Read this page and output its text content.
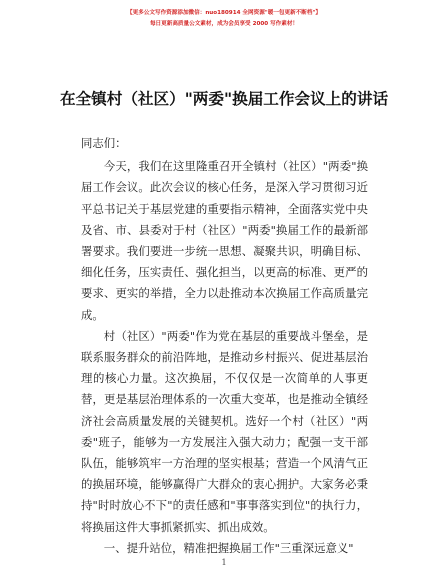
【更多公文写作资源添加微信：nuo180914 全网资源"暖一包更新不断档"】
每日更新高质量公文素材，成为会员享受 2000 写作素材！
在全镇村（社区）"两委"换届工作会议上的讲话

同志们：

今天，我们在这里隆重召开全镇村（社区）"两委"换届工作会议。此次会议的核心任务，是深入学习贯彻习近平总书记关于基层党建的重要指示精神，全面落实党中央及省、市、县委对于村（社区）"两委"换届工作的最新部署要求。我们要进一步统一思想、凝聚共识，明确目标、细化任务，压实责任、强化担当，以更高的标准、更严的要求、更实的举措，全力以赴推动本次换届工作高质量完成。

村（社区）"两委"作为党在基层的重要战斗堡垒，是联系服务群众的前沿阵地，是推动乡村振兴、促进基层治理的核心力量。这次换届，不仅仅是一次简单的人事更替，更是基层治理体系的一次重大变革，也是推动全镇经济社会高质量发展的关键契机。选好一个村（社区）"两委"班子，能够为一方发展注入强大动力；配强一支干部队伍，能够筑牢一方治理的坚实根基；营造一个风清气正的换届环境，能够赢得广大群众的衷心拥护。大家务必秉持"时时放心不下"的责任感和"事事落实到位"的执行力，将换届这件大事抓紧抓实、抓出成效。

一、提升站位，精准把握换届工作"三重深远意义"

1
